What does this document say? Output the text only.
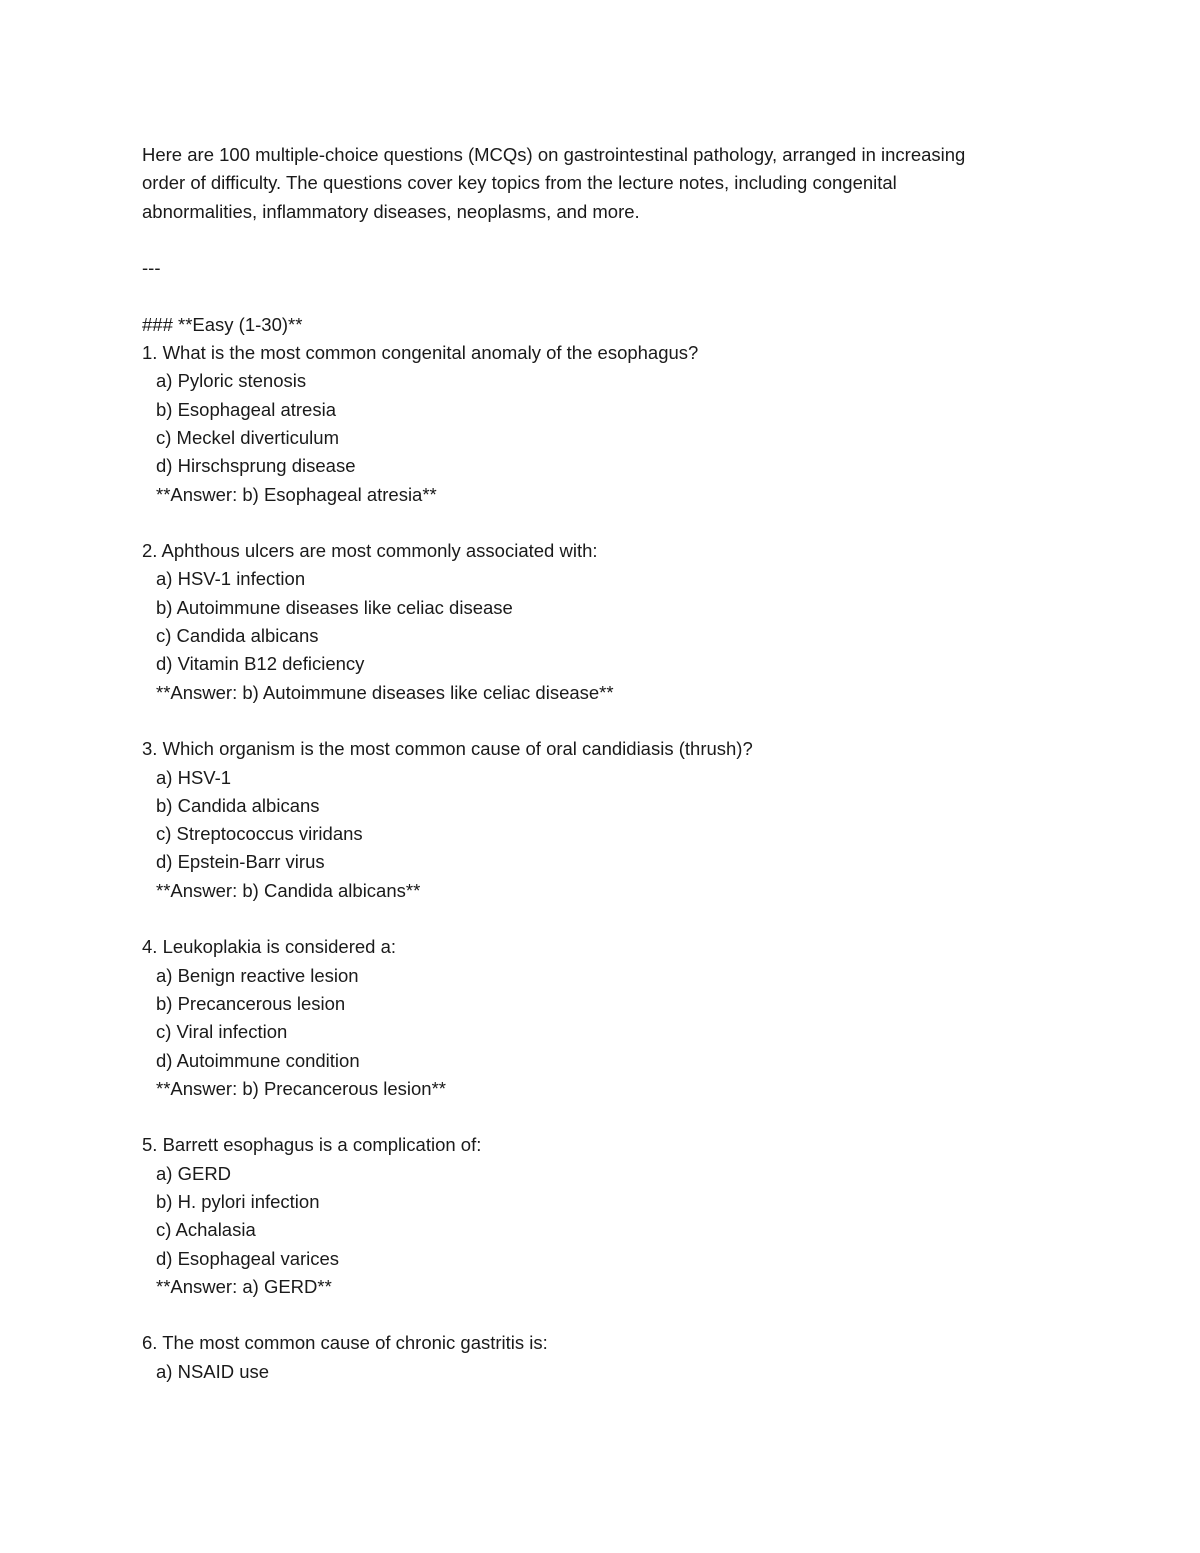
Here are 100 multiple-choice questions (MCQs) on gastrointestinal pathology, arranged in increasing
order of difficulty. The questions cover key topics from the lecture notes, including congenital
abnormalities, inflammatory diseases, neoplasms, and more.
---
### **Easy (1-30)**
1. What is the most common congenital anomaly of the esophagus?
a) Pyloric stenosis
b) Esophageal atresia
c) Meckel diverticulum
d) Hirschsprung disease
**Answer: b) Esophageal atresia**
2. Aphthous ulcers are most commonly associated with:
a) HSV-1 infection
b) Autoimmune diseases like celiac disease
c) Candida albicans
d) Vitamin B12 deficiency
**Answer: b) Autoimmune diseases like celiac disease**
3. Which organism is the most common cause of oral candidiasis (thrush)?
a) HSV-1
b) Candida albicans
c) Streptococcus viridans
d) Epstein-Barr virus
**Answer: b) Candida albicans**
4. Leukoplakia is considered a:
a) Benign reactive lesion
b) Precancerous lesion
c) Viral infection
d) Autoimmune condition
**Answer: b) Precancerous lesion**
5. Barrett esophagus is a complication of:
a) GERD
b) H. pylori infection
c) Achalasia
d) Esophageal varices
**Answer: a) GERD**
6. The most common cause of chronic gastritis is:
a) NSAID use
